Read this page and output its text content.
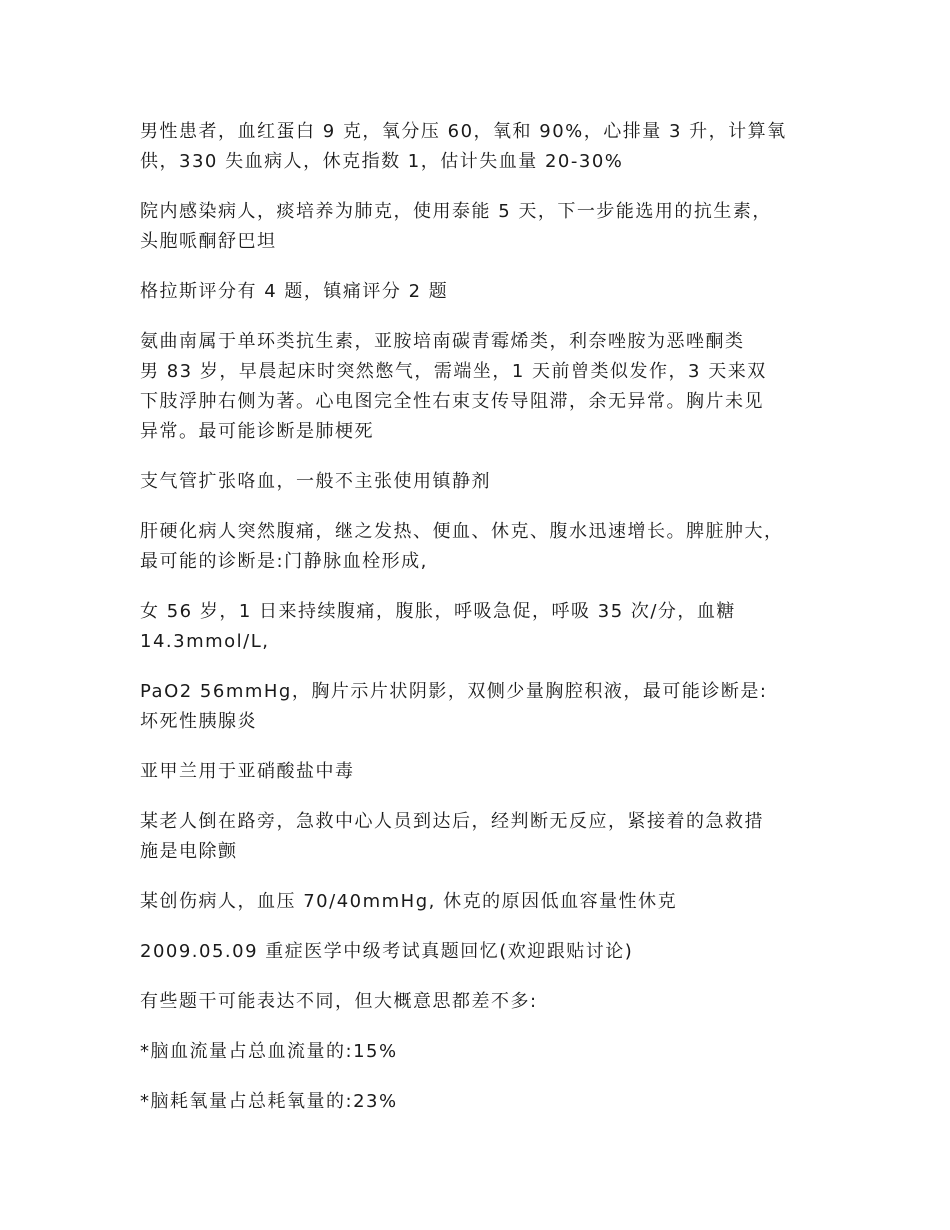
男性患者，血红蛋白 9 克，氧分压 60，氧和 90%，心排量 3 升，计算氧
供，330 失血病人，休克指数 1，估计失血量 20-30%

院内感染病人，痰培养为肺克，使用泰能 5 天，下一步能选用的抗生素，
头胞哌酮舒巴坦

格拉斯评分有 4 题，镇痛评分 2 题

氨曲南属于单环类抗生素，亚胺培南碳青霉烯类，利奈唑胺为恶唑酮类
男 83 岁，早晨起床时突然憋气，需端坐，1 天前曾类似发作，3 天来双
下肢浮肿右侧为著。心电图完全性右束支传导阻滞，余无异常。胸片未见
异常。最可能诊断是肺梗死

支气管扩张咯血，一般不主张使用镇静剂

肝硬化病人突然腹痛，继之发热、便血、休克、腹水迅速增长。脾脏肿大，
最可能的诊断是:门静脉血栓形成,

女 56 岁，1 日来持续腹痛，腹胀，呼吸急促，呼吸 35 次/分，血糖
14.3mmol/L,

PaO2 56mmHg，胸片示片状阴影，双侧少量胸腔积液，最可能诊断是:
坏死性胰腺炎

亚甲兰用于亚硝酸盐中毒

某老人倒在路旁，急救中心人员到达后，经判断无反应，紧接着的急救措
施是电除颤

某创伤病人，血压 70/40mmHg, 休克的原因低血容量性休克

2009.05.09 重症医学中级考试真题回忆(欢迎跟贴讨论)

有些题干可能表达不同，但大概意思都差不多:

*脑血流量占总血流量的:15%

*脑耗氧量占总耗氧量的:23%
